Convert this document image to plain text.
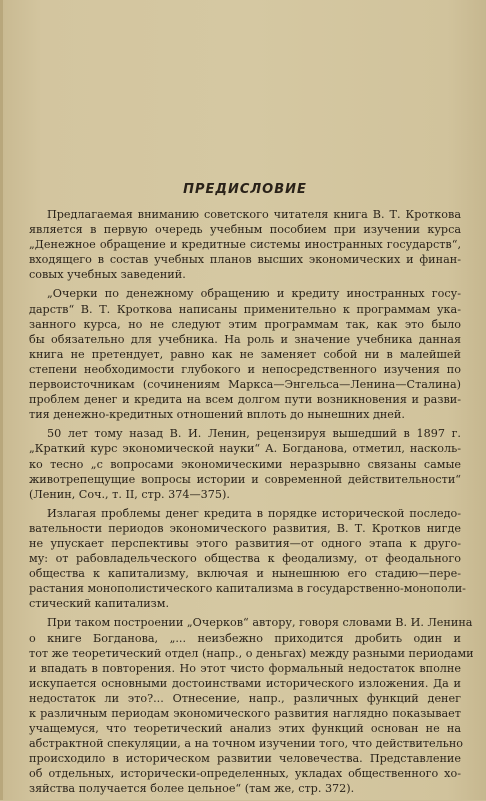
ПРЕДИСЛОВИЕ
Предлагаемая вниманию советского читателя книга В. Т. Кроткова
является в первую очередь учебным пособием при изучении курса
„Денежное обращение и кредитные системы иностранных государств“,
входящего в состав учебных планов высших экономических и финан-
совых учебных заведений.
„Очерки по денежному обращению и кредиту иностранных госу-
дарств“ В. Т. Кроткова написаны применительно к программам ука-
занного курса, но не следуют этим программам так, как это было
бы обязательно для учебника. На роль и значение учебника данная
книга не претендует, равно как не заменяет собой ни в малейшей
степени необходимости глубокого и непосредственного изучения по
первоисточникам (сочинениям Маркса—Энгельса—Ленина—Сталина)
проблем денег и кредита на всем долгом пути возникновения и разви-
тия денежно-кредитных отношений вплоть до нынешних дней.
50 лет тому назад В. И. Ленин, рецензируя вышедший в 1897 г.
„Краткий курс экономической науки“ А. Богданова, отметил, насколь-
ко тесно „с вопросами экономическими неразрывно связаны самые
животрепещущие вопросы истории и современной действительности“
(Ленин, Соч., т. II, стр. 374—375).
Излагая проблемы денег кредита в порядке исторической последо-
вательности периодов экономического развития, В. Т. Кротков нигде
не упускает перспективы этого развития—от одного этапа к друго-
му: от рабовладельческого общества к феодализму, от феодального
общества к капитализму, включая и нынешнюю его стадию—пере-
растания монополистического капитализма в государственно-монополи-
стический капитализм.
При таком построении „Очерков“ автору, говоря словами В. И. Ленина
о книге Богданова, „... неизбежно приходится дробить один и
тот же теоретический отдел (напр., о деньгах) между разными периодами
и впадать в повторения. Но этот чисто формальный недостаток вполне
искупается основными достоинствами исторического изложения. Да и
недостаток ли это?... Отнесение, напр., различных функций денег
к различным периодам экономического развития наглядно показывает
учащемуся, что теоретический анализ этих функций основан не на
абстрактной спекуляции, а на точном изучении того, что действительно
происходило в историческом развитии человечества. Представление
об отдельных, исторически-определенных, укладах общественного хо-
зяйства получается более цельное“ (там же, стр. 372).
